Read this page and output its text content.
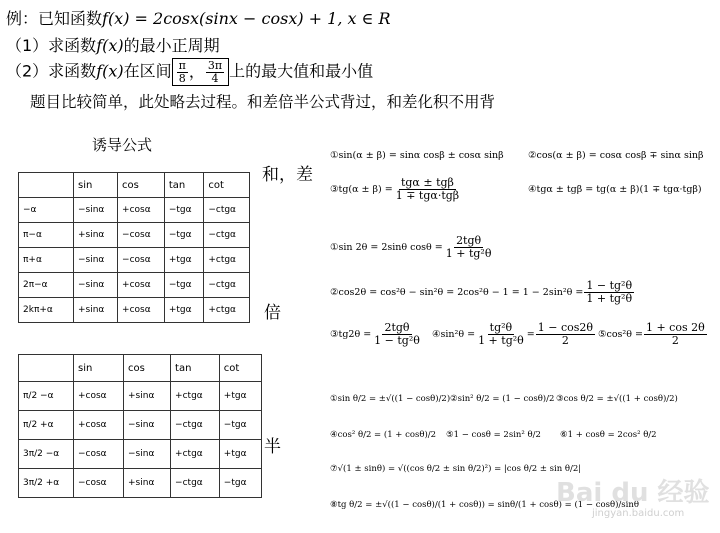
例：已知函数f(x) = 2cosx(sinx − cosx) + 1, x ∈ R
（1）求函数f(x)的最小正周期
（2）求函数f(x)在区间 $\frac{\pi}{8}$ ， $\frac{3\pi}{4}$ 上的最大值和最小值
题目比较简单，此处略去过程。和差倍半公式背过，和差化积不用背
诱导公式
	sin	cos	tan	cot
−α	−sinα	+cosα	−tgα	−ctgα
π−α	+sinα	−cosα	−tgα	−ctgα
π+α	−sinα	−cosα	+tgα	+ctgα
2π−α	−sinα	+cosα	−tgα	−ctgα
2kπ+α	+sinα	+cosα	+tgα	+ctgα
	sin	cos	tan	cot
π/2 −α	+cosα	+sinα	+ctgα	+tgα
π/2 +α	+cosα	−sinα	−ctgα	−tgα
3π/2 −α	−cosα	−sinα	+ctgα	+tgα
3π/2 +α	−cosα	+sinα	−ctgα	−tgα
和，差
倍
半
①sin(α ± β) = sinα cosβ ± cosα sinβ	②cos(α ± β) = cosα cosβ ∓ sinα sinβ
③tg(α ± $\beta) = \frac{\text{tgα ± tgβ}}{\text{1 ∓ tgα·tgβ}}$	④tgα ± tgβ = tg(α ± β)(1 ∓ tgα·tgβ)
①sin 2θ = 2sinθ $\cos\theta = \frac{\text{2tgθ}}{\text{1 + tg²θ}}$
②cos2θ = $\cos^2\theta - \sin^2\theta = 2\cos^2\theta - 1 = 1 - 2\sin^2\theta = \frac{\text{1 − tg²θ}}{\text{1 + tg²θ}}$
③tg2θ = $\frac{\text{2tgθ}}{\text{1 − tg²θ}}$ ④sin²θ = $\frac{\text{tg²θ}}{\text{1 + tg²θ}} = \frac{1 - \cos 2\theta}{2}$ ⑤cos²θ = $\frac{1 + \cos 2\theta}{2}$
①sin θ/2 = ±√((1 − cosθ)/2) ②sin² θ/2 = (1 − cosθ)/2 ③cos θ/2 = ±√((1 + cosθ)/2)
④cos² θ/2 = (1 + cosθ)/2 ⑤1 − cosθ = 2sin² θ/2 ⑥1 + cosθ = 2cos² θ/2
⑦√(1 ± sinθ) = √((cos θ/2 ± sin θ/2)²) = |cos θ/2 ± sin θ/2|
⑧tg θ/2 = ±√((1 − cosθ)/(1 + cosθ)) = sinθ/(1 + cosθ) = (1 − cosθ)/sinθ
Bai du 经验
jingyan.baidu.com
